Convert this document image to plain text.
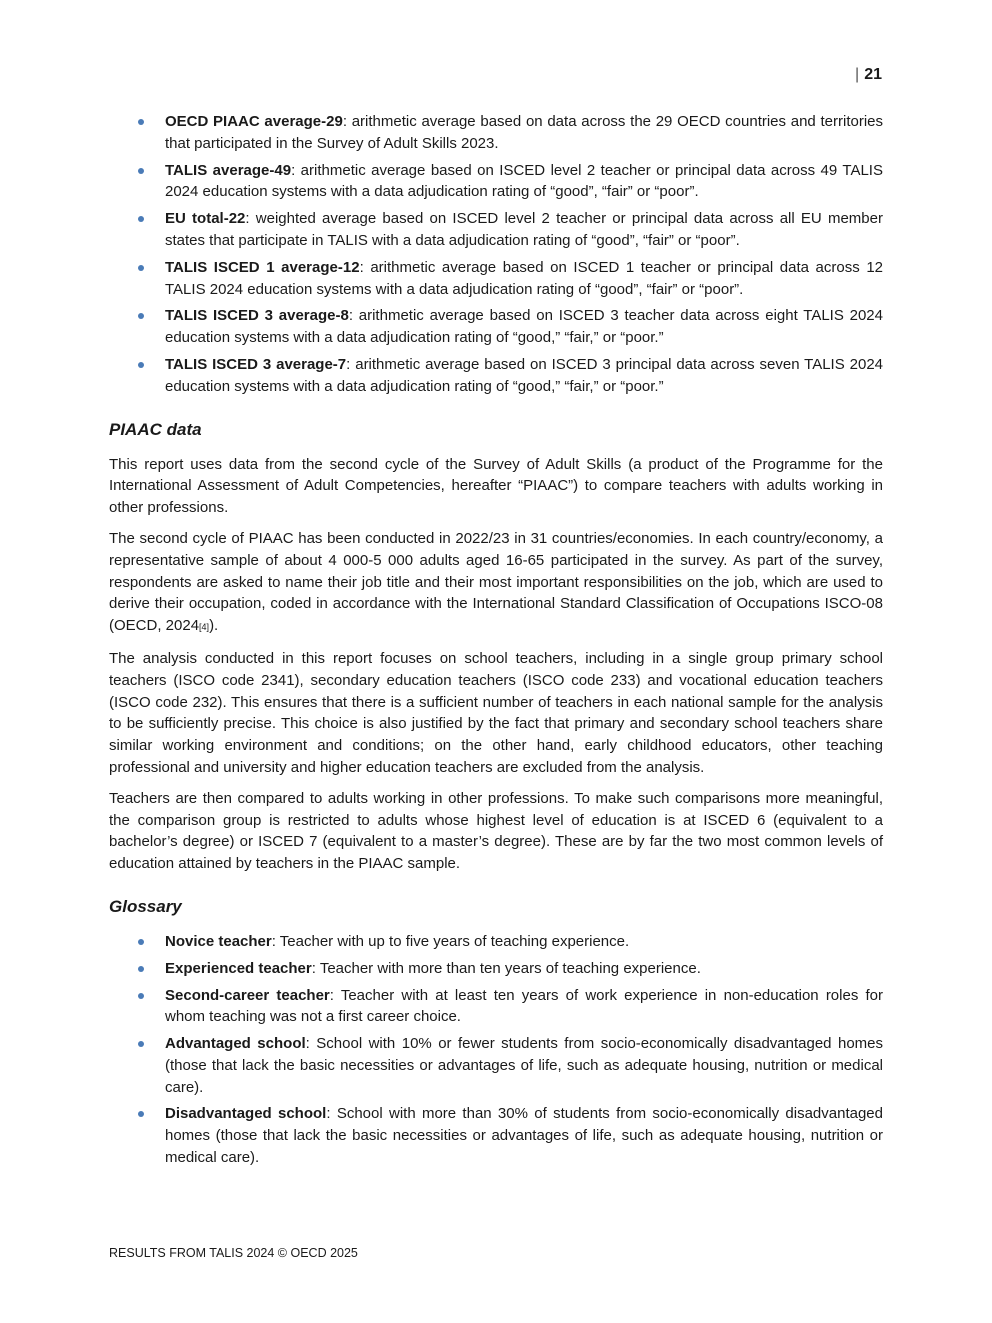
| 21
OECD PIAAC average-29: arithmetic average based on data across the 29 OECD countries and territories that participated in the Survey of Adult Skills 2023.
TALIS average-49: arithmetic average based on ISCED level 2 teacher or principal data across 49 TALIS 2024 education systems with a data adjudication rating of “good”, “fair” or “poor”.
EU total-22: weighted average based on ISCED level 2 teacher or principal data across all EU member states that participate in TALIS with a data adjudication rating of “good”, “fair” or “poor”.
TALIS ISCED 1 average-12: arithmetic average based on ISCED 1 teacher or principal data across 12 TALIS 2024 education systems with a data adjudication rating of “good”, “fair” or “poor”.
TALIS ISCED 3 average-8: arithmetic average based on ISCED 3 teacher data across eight TALIS 2024 education systems with a data adjudication rating of “good,” “fair,” or “poor.”
TALIS ISCED 3 average-7: arithmetic average based on ISCED 3 principal data across seven TALIS 2024 education systems with a data adjudication rating of “good,” “fair,” or “poor.”
PIAAC data

This report uses data from the second cycle of the Survey of Adult Skills (a product of the Programme for the International Assessment of Adult Competencies, hereafter “PIAAC”) to compare teachers with adults working in other professions.

The second cycle of PIAAC has been conducted in 2022/23 in 31 countries/economies. In each country/economy, a representative sample of about 4 000-5 000 adults aged 16-65 participated in the survey. As part of the survey, respondents are asked to name their job title and their most important responsibilities on the job, which are used to derive their occupation, coded in accordance with the International Standard Classification of Occupations ISCO-08 (OECD, 2024[4]).

The analysis conducted in this report focuses on school teachers, including in a single group primary school teachers (ISCO code 2341), secondary education teachers (ISCO code 233) and vocational education teachers (ISCO code 232). This ensures that there is a sufficient number of teachers in each national sample for the analysis to be sufficiently precise. This choice is also justified by the fact that primary and secondary school teachers share similar working environment and conditions; on the other hand, early childhood educators, other teaching professional and university and higher education teachers are excluded from the analysis.

Teachers are then compared to adults working in other professions. To make such comparisons more meaningful, the comparison group is restricted to adults whose highest level of education is at ISCED 6 (equivalent to a bachelor’s degree) or ISCED 7 (equivalent to a master’s degree). These are by far the two most common levels of education attained by teachers in the PIAAC sample.

Glossary
Novice teacher: Teacher with up to five years of teaching experience.
Experienced teacher: Teacher with more than ten years of teaching experience.
Second-career teacher: Teacher with at least ten years of work experience in non-education roles for whom teaching was not a first career choice.
Advantaged school: School with 10% or fewer students from socio-economically disadvantaged homes (those that lack the basic necessities or advantages of life, such as adequate housing, nutrition or medical care).
Disadvantaged school: School with more than 30% of students from socio-economically disadvantaged homes (those that lack the basic necessities or advantages of life, such as adequate housing, nutrition or medical care).
RESULTS FROM TALIS 2024 © OECD 2025
